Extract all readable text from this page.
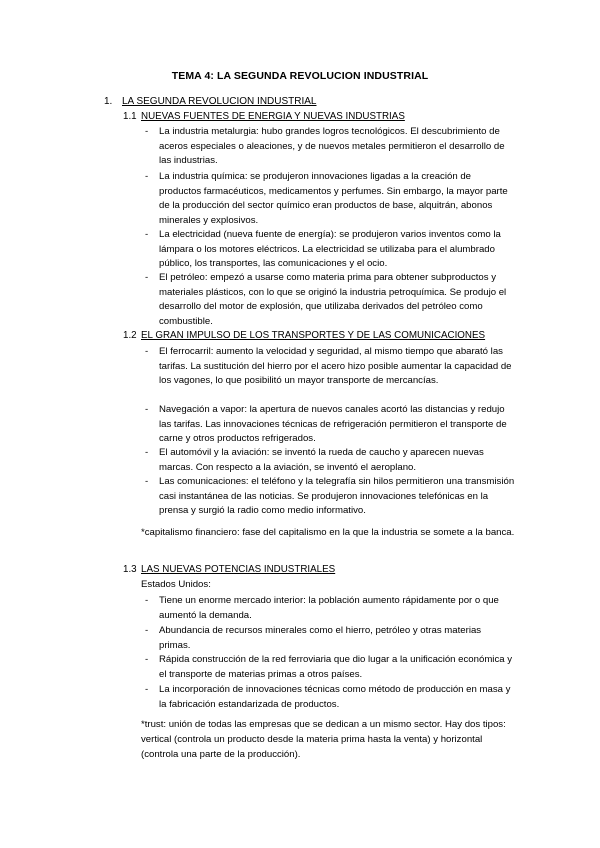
TEMA 4: LA SEGUNDA REVOLUCION INDUSTRIAL
1. LA SEGUNDA REVOLUCION INDUSTRIAL
1.1 NUEVAS FUENTES DE ENERGIA Y NUEVAS INDUSTRIAS
- La industria metalurgia: hubo grandes logros tecnológicos. El descubrimiento de aceros especiales o aleaciones, y de nuevos metales permitieron el desarrollo de las industrias.
- La industria química: se produjeron innovaciones ligadas a la creación de productos farmacéuticos, medicamentos y perfumes. Sin embargo, la mayor parte de la producción del sector químico eran productos de base, alquitrán, abonos minerales y explosivos.
- La electricidad (nueva fuente de energía): se produjeron varios inventos como la lámpara o los motores eléctricos. La electricidad se utilizaba para el alumbrado público, los transportes, las comunicaciones y el ocio.
- El petróleo: empezó a usarse como materia prima para obtener subproductos y materiales plásticos, con lo que se originó la industria petroquímica. Se produjo el desarrollo del motor de explosión, que utilizaba derivados del petróleo como combustible.
1.2 EL GRAN IMPULSO DE LOS TRANSPORTES Y DE LAS COMUNICACIONES
- El ferrocarril: aumento la velocidad y seguridad, al mismo tiempo que abarató las tarifas. La sustitución del hierro por el acero hizo posible aumentar la capacidad de los vagones, lo que posibilitó un mayor transporte de mercancías.
- Navegación a vapor: la apertura de nuevos canales acortó las distancias y redujo las tarifas. Las innovaciones técnicas de refrigeración permitieron el transporte de carne y otros productos refrigerados.
- El automóvil y la aviación: se inventó la rueda de caucho y aparecen nuevas marcas. Con respecto a la aviación, se inventó el aeroplano.
- Las comunicaciones: el teléfono y la telegrafía sin hilos permitieron una transmisión casi instantánea de las noticias. Se produjeron innovaciones telefónicas en la prensa y surgió la radio como medio informativo.
*capitalismo financiero: fase del capitalismo en la que la industria se somete a la banca.
1.3 LAS NUEVAS POTENCIAS INDUSTRIALES
Estados Unidos:
- Tiene un enorme mercado interior: la población aumento rápidamente por o que aumentó la demanda.
- Abundancia de recursos minerales como el hierro, petróleo y otras materias primas.
- Rápida construcción de la red ferroviaria que dio lugar a la unificación económica y el transporte de materias primas a otros países.
- La incorporación de innovaciones técnicas como método de producción en masa y la fabricación estandarizada de productos.
*trust: unión de todas las empresas que se dedican a un mismo sector. Hay dos tipos: vertical (controla un producto desde la materia prima hasta la venta) y horizontal (controla una parte de la producción).
